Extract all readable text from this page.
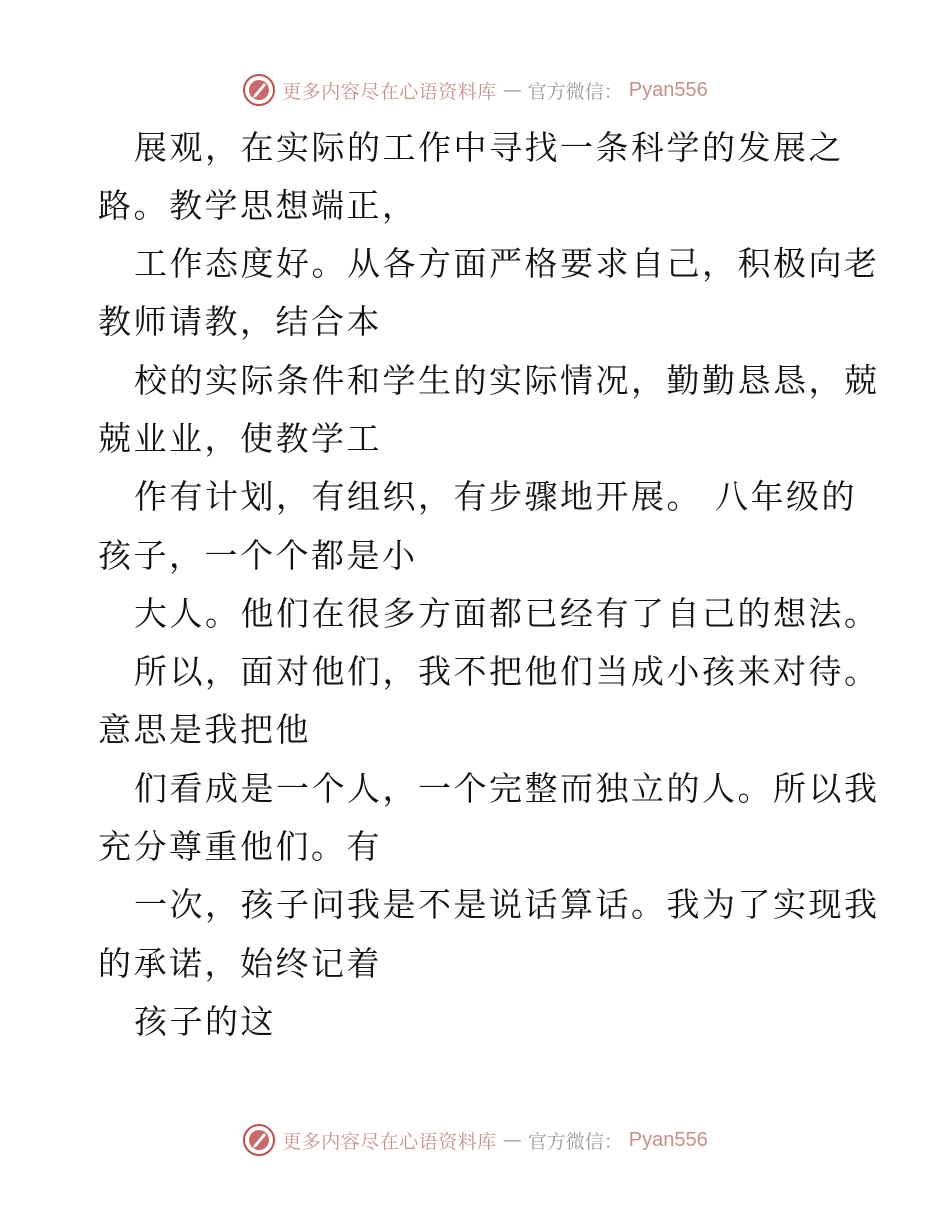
更多内容尽在心语资料库 — 官方微信： Pyan556
展观，在实际的工作中寻找一条科学的发展之
路。教学思想端正，
工作态度好。从各方面严格要求自己，积极向老
教师请教，结合本
校的实际条件和学生的实际情况，勤勤恳恳，兢
兢业业，使教学工
作有计划，有组织，有步骤地开展。 八年级的
孩子，一个个都是小
大人。他们在很多方面都已经有了自己的想法。
所以，面对他们，我不把他们当成小孩来对待。
意思是我把他
们看成是一个人，一个完整而独立的人。所以我
充分尊重他们。有
一次，孩子问我是不是说话算话。我为了实现我
的承诺，始终记着
孩子的这
更多内容尽在心语资料库 — 官方微信： Pyan556
